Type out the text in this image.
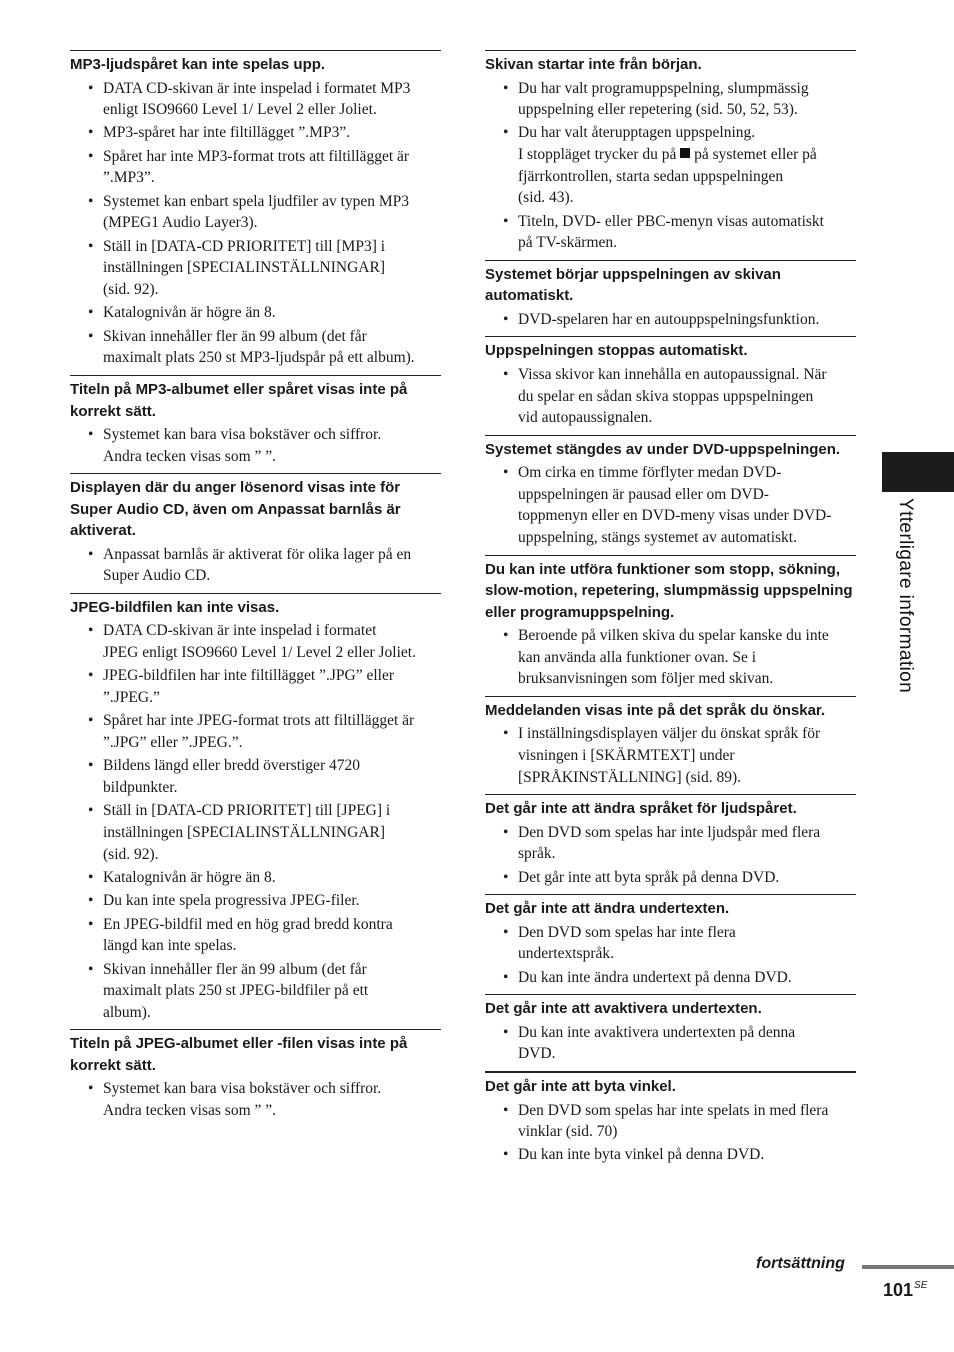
MP3-ljudspåret kan inte spelas upp.
• DATA CD-skivan är inte inspelad i formatet MP3
enligt ISO9660 Level 1/ Level 2 eller Joliet.
• MP3-spåret har inte filtillägget ”.MP3”.
• Spåret har inte MP3-format trots att filtillägget är
”.MP3”.
• Systemet kan enbart spela ljudfiler av typen MP3
(MPEG1 Audio Layer3).
• Ställ in [DATA-CD PRIORITET] till [MP3] i
inställningen [SPECIALINSTÄLLNINGAR]
(sid. 92).
• Katalognivån är högre än 8.
• Skivan innehåller fler än 99 album (det får
maximalt plats 250 st MP3-ljudspår på ett album).
Titeln på MP3-albumet eller spåret visas inte på korrekt sätt.
• Systemet kan bara visa bokstäver och siffror.
Andra tecken visas som ” ”.
Displayen där du anger lösenord visas inte för Super Audio CD, även om Anpassat barnlås är aktiverat.
• Anpassat barnlås är aktiverat för olika lager på en
Super Audio CD.
JPEG-bildfilen kan inte visas.
• DATA CD-skivan är inte inspelad i formatet
JPEG enligt ISO9660 Level 1/ Level 2 eller Joliet.
• JPEG-bildfilen har inte filtillägget ”.JPG” eller
”.JPEG.”
• Spåret har inte JPEG-format trots att filtillägget är
”.JPG” eller ”.JPEG.”.
• Bildens längd eller bredd överstiger 4720
bildpunkter.
• Ställ in [DATA-CD PRIORITET] till [JPEG] i
inställningen [SPECIALINSTÄLLNINGAR]
(sid. 92).
• Katalognivån är högre än 8.
• Du kan inte spela progressiva JPEG-filer.
• En JPEG-bildfil med en hög grad bredd kontra
längd kan inte spelas.
• Skivan innehåller fler än 99 album (det får
maximalt plats 250 st JPEG-bildfiler på ett
album).
Titeln på JPEG-albumet eller -filen visas inte på korrekt sätt.
• Systemet kan bara visa bokstäver och siffror.
Andra tecken visas som ” ”.
Skivan startar inte från början.
• Du har valt programuppspelning, slumpmässig
uppspelning eller repetering (sid. 50, 52, 53).
• Du har valt återupptagen uppspelning.
I stoppläget trycker du på  på systemet eller på
fjärrkontrollen, starta sedan uppspelningen
(sid. 43).
• Titeln, DVD- eller PBC-menyn visas automatiskt
på TV-skärmen.
Systemet börjar uppspelningen av skivan automatiskt.
• DVD-spelaren har en autouppspelningsfunktion.
Uppspelningen stoppas automatiskt.
• Vissa skivor kan innehålla en autopaussignal. När
du spelar en sådan skiva stoppas uppspelningen
vid autopaussignalen.
Systemet stängdes av under DVD-uppspelningen.
• Om cirka en timme förflyter medan DVD-
uppspelningen är pausad eller om DVD-
toppmenyn eller en DVD-meny visas under DVD-
uppspelning, stängs systemet av automatiskt.
Du kan inte utföra funktioner som stopp, sökning, slow-motion, repetering, slumpmässig uppspelning eller programuppspelning.
• Beroende på vilken skiva du spelar kanske du inte
kan använda alla funktioner ovan. Se i
bruksanvisningen som följer med skivan.
Meddelanden visas inte på det språk du önskar.
• I inställningsdisplayen väljer du önskat språk för
visningen i [SKÄRMTEXT] under
[SPRÅKINSTÄLLNING] (sid. 89).
Det går inte att ändra språket för ljudspåret.
• Den DVD som spelas har inte ljudspår med flera
språk.
• Det går inte att byta språk på denna DVD.
Det går inte att ändra undertexten.
• Den DVD som spelas har inte flera
undertextspråk.
• Du kan inte ändra undertext på denna DVD.
Det går inte att avaktivera undertexten.
• Du kan inte avaktivera undertexten på denna
DVD.
Det går inte att byta vinkel.
• Den DVD som spelas har inte spelats in med flera
vinklar (sid. 70)
• Du kan inte byta vinkel på denna DVD.
Ytterligare information
fortsättning
$101^{SE}$
